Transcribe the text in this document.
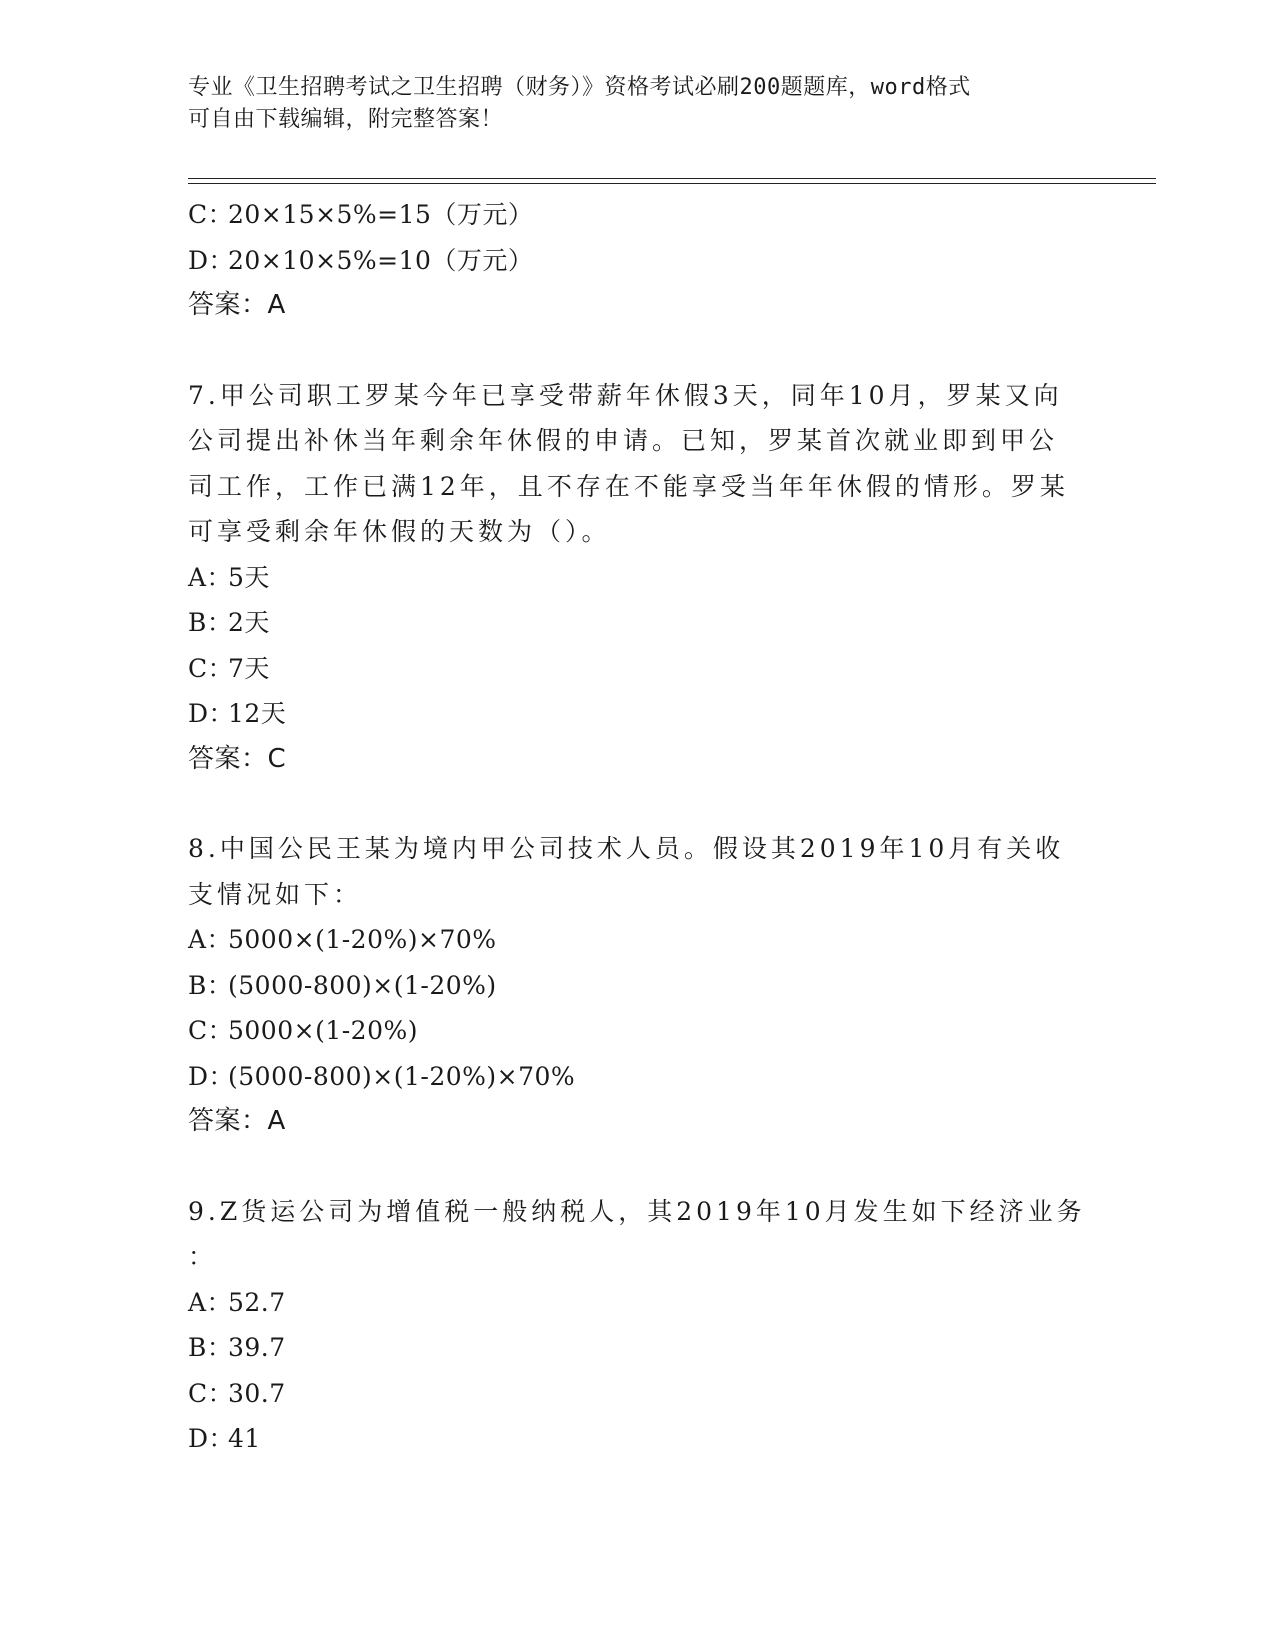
专业《卫生招聘考试之卫生招聘（财务）》资格考试必刷200题题库，word格式
可自由下载编辑，附完整答案！
C：20×15×5%=15（万元）
D：20×10×5%=10（万元）
答案：A
7.甲公司职工罗某今年已享受带薪年休假3天，同年10月，罗某又向
公司提出补休当年剩余年休假的申请。已知，罗某首次就业即到甲公
司工作，工作已满12年，且不存在不能享受当年年休假的情形。罗某
可享受剩余年休假的天数为（）。
A：5天
B：2天
C：7天
D：12天
答案：C
8.中国公民王某为境内甲公司技术人员。假设其2019年10月有关收
支情况如下：
A：5000×(1-20%)×70%
B：(5000-800)×(1-20%)
C：5000×(1-20%)
D：(5000-800)×(1-20%)×70%
答案：A
9.Z货运公司为增值税一般纳税人，其2019年10月发生如下经济业务
：
A：52.7
B：39.7
C：30.7
D：41
